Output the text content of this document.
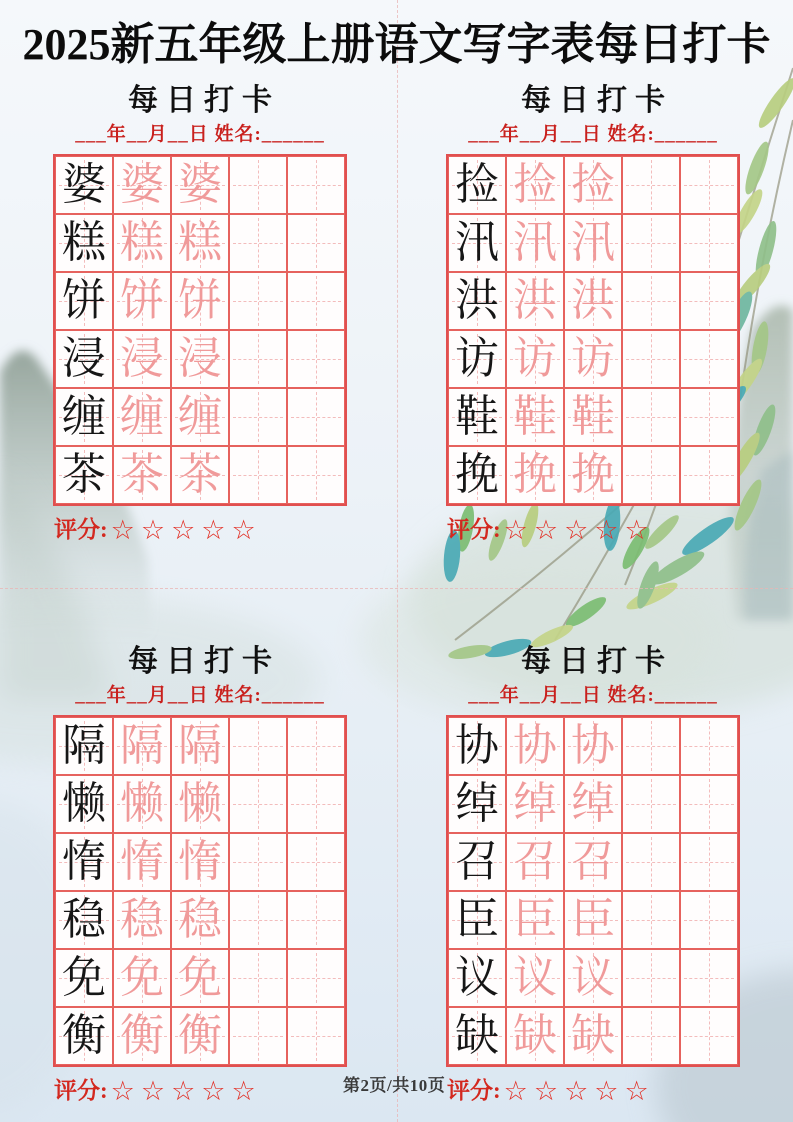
2025新五年级上册语文写字表每日打卡
每日打卡
___年__月__日 姓名:______
婆 婆 婆
糕 糕 糕
饼 饼 饼
浸 浸 浸
缠 缠 缠
茶 茶 茶
评分: ☆☆☆☆☆
每日打卡
___年__月__日 姓名:______
捡 捡 捡
汛 汛 汛
洪 洪 洪
访 访 访
鞋 鞋 鞋
挽 挽 挽
评分: ☆☆☆☆☆
每日打卡
___年__月__日 姓名:______
隔 隔 隔
懒 懒 懒
惰 惰 惰
稳 稳 稳
免 免 免
衡 衡 衡
评分: ☆☆☆☆☆
每日打卡
___年__月__日 姓名:______
协 协 协
绰 绰 绰
召 召 召
臣 臣 臣
议 议 议
缺 缺 缺
评分: ☆☆☆☆☆
第2页/共10页
